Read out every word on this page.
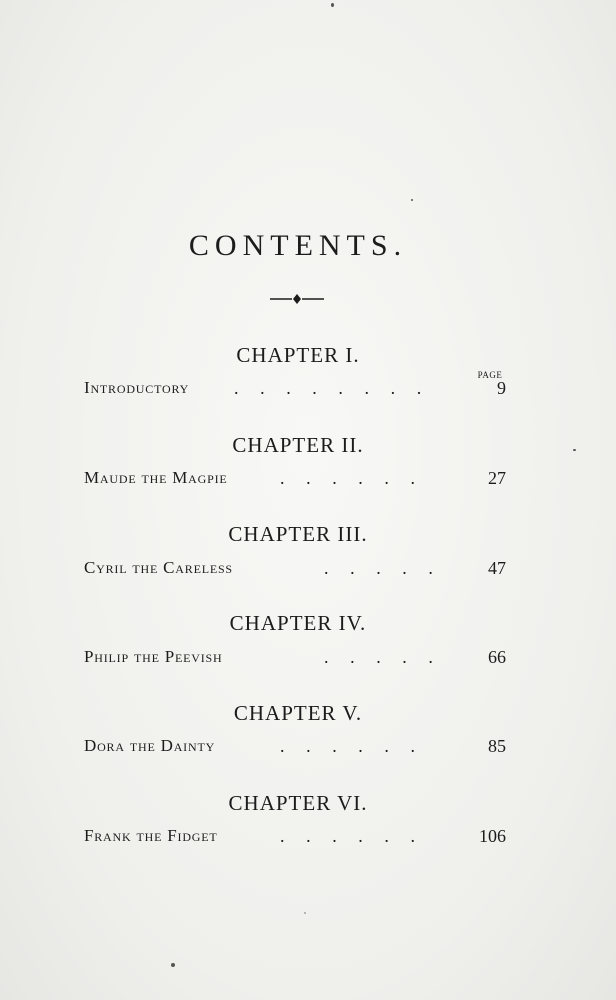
CONTENTS.
PAGE
CHAPTER I.
Introductory .  .  .  .  .  .  .  .	9
CHAPTER II.
Maude the Magpie	.  .  .  .  .  .	27
CHAPTER III.
Cyril the Careless	.  .  .  .  .	47
CHAPTER IV.
Philip the Peevish	.  .  .  .  .	66
CHAPTER V.
Dora the Dainty	.  .  .  .  .  .	85
CHAPTER VI.
Frank the Fidget	.  .  .  .  .  .	106
